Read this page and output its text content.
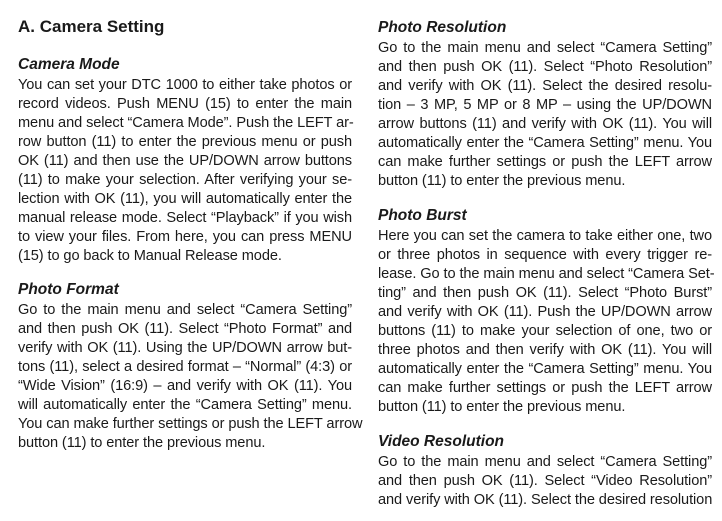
A. Camera Setting
Camera Mode
You can set your DTC 1000 to either take photos or
record videos. Push MENU (15) to enter the main
menu and select “Camera Mode”. Push the LEFT ar-
row button (11) to enter the previous menu or push
OK (11) and then use the UP/DOWN arrow buttons
(11) to make your selection. After verifying your se-
lection with OK (11), you will automatically enter the
manual release mode. Select “Playback” if you wish
to view your files. From here, you can press MENU
(15) to go back to Manual Release mode.
Photo Format
Go to the main menu and select “Camera Setting”
and then push OK (11). Select “Photo Format” and
verify with OK (11). Using the UP/DOWN arrow but-
tons (11), select a desired format – “Normal” (4:3) or
“Wide Vision” (16:9) – and verify with OK (11). You
will automatically enter the “Camera Setting” menu.
You can make further settings or push the LEFT arrow
button (11) to enter the previous menu.
Photo Resolution
Go to the main menu and select “Camera Setting”
and then push OK (11). Select “Photo Resolution”
and verify with OK (11). Select the desired resolu-
tion – 3 MP, 5 MP or 8 MP – using the UP/DOWN
arrow buttons (11) and verify with OK (11). You will
automatically enter the “Camera Setting” menu. You
can make further settings or push the LEFT arrow
button (11) to enter the previous menu.
Photo Burst
Here you can set the camera to take either one, two
or three photos in sequence with every trigger re-
lease. Go to the main menu and select “Camera Set-
ting” and then push OK (11). Select “Photo Burst”
and verify with OK (11). Push the UP/DOWN arrow
buttons (11) to make your selection of one, two or
three photos and then verify with OK (11). You will
automatically enter the “Camera Setting” menu. You
can make further settings or push the LEFT arrow
button (11) to enter the previous menu.
Video Resolution
Go to the main menu and select “Camera Setting”
and then push OK (11). Select “Video Resolution”
and verify with OK (11). Select the desired resolution
